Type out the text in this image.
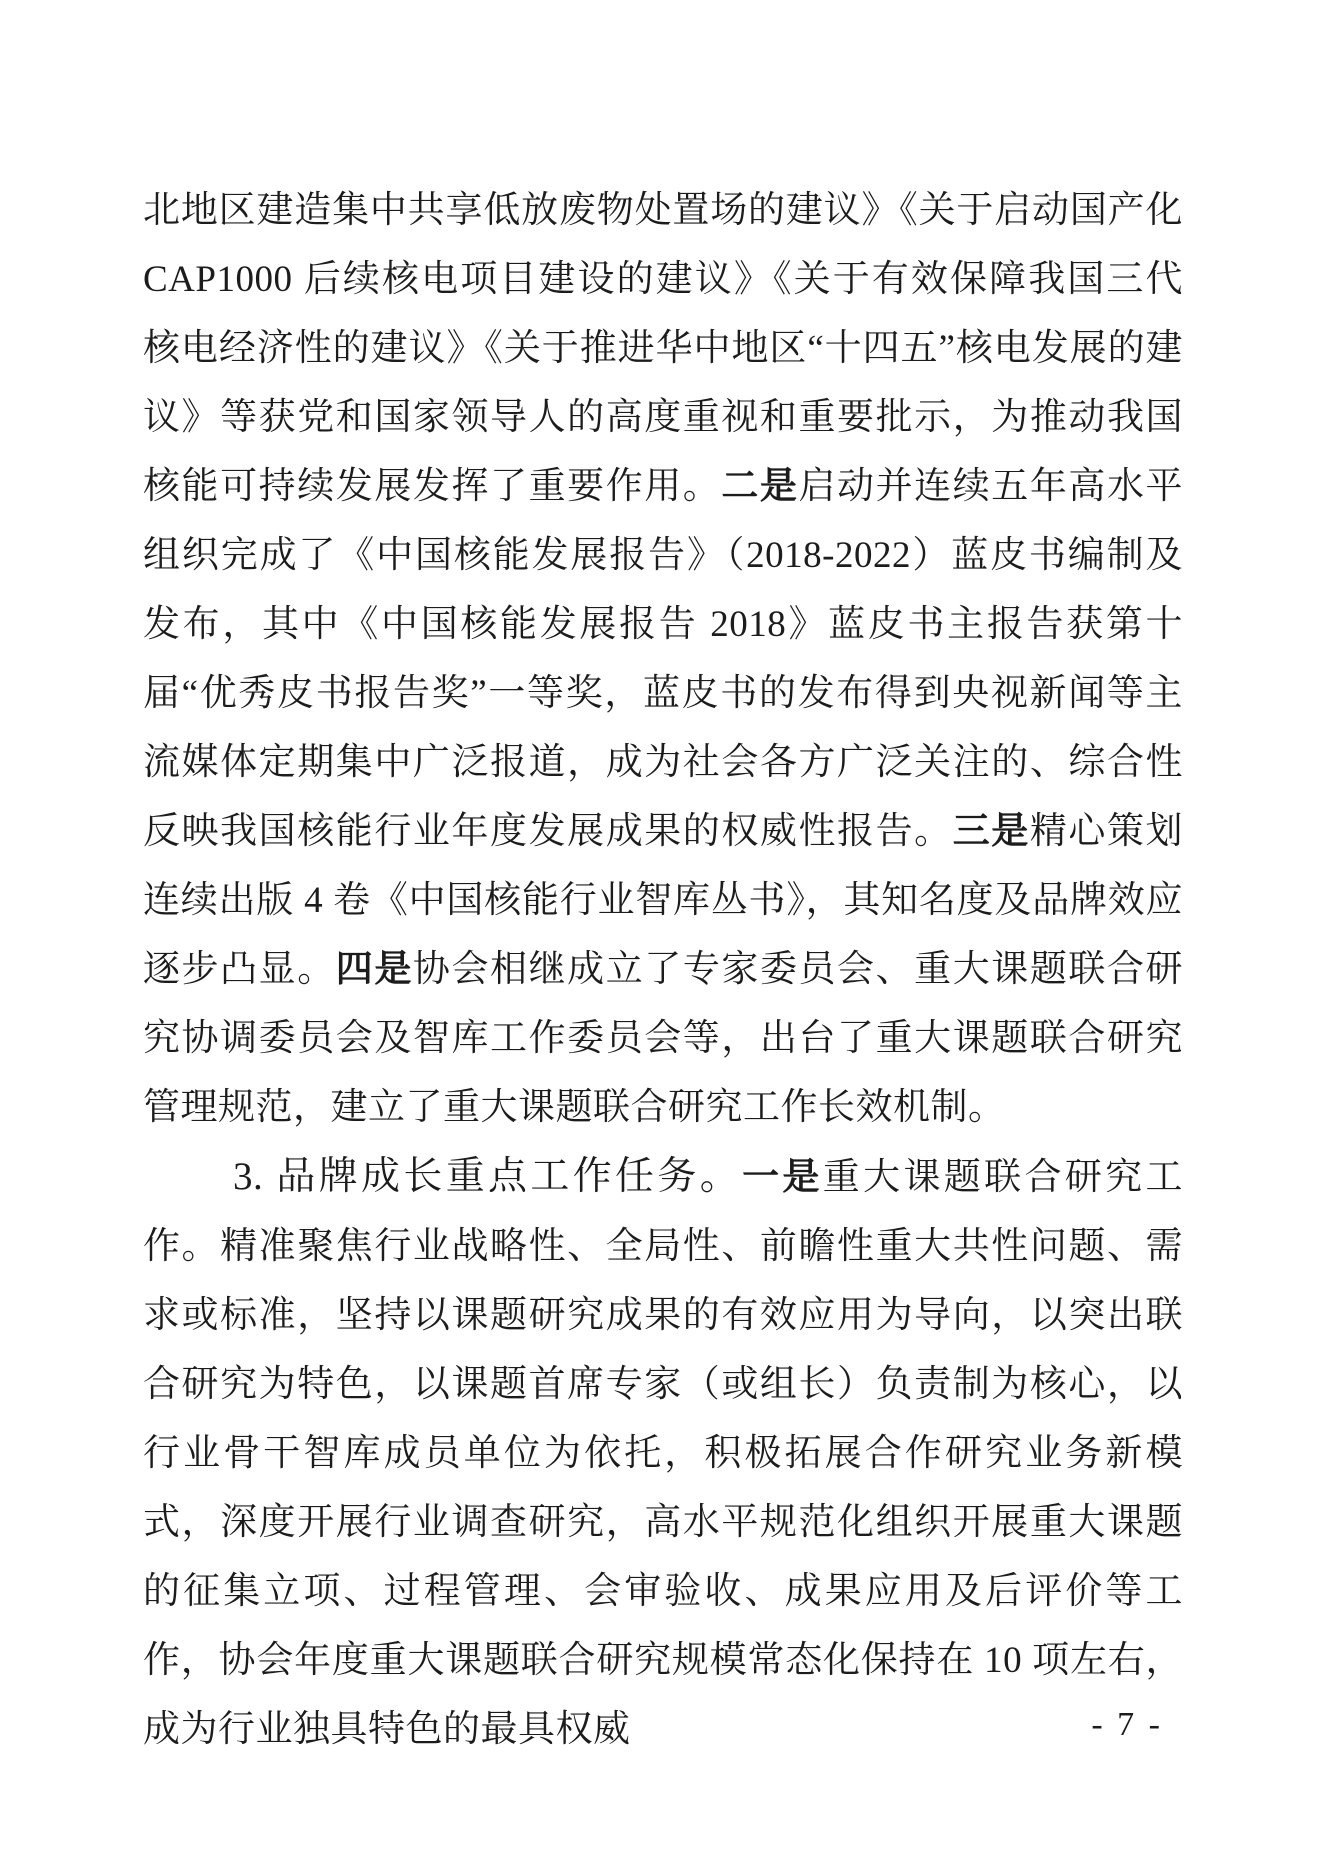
北地区建造集中共享低放废物处置场的建议》《关于启动国产化CAP1000 后续核电项目建设的建议》《关于有效保障我国三代核电经济性的建议》《关于推进华中地区“十四五”核电发展的建议》等获党和国家领导人的高度重视和重要批示，为推动我国核能可持续发展发挥了重要作用。二是启动并连续五年高水平组织完成了《中国核能发展报告》（2018-2022）蓝皮书编制及发布，其中《中国核能发展报告 2018》蓝皮书主报告获第十届“优秀皮书报告奖”一等奖，蓝皮书的发布得到央视新闻等主流媒体定期集中广泛报道，成为社会各方广泛关注的、综合性反映我国核能行业年度发展成果的权威性报告。三是精心策划连续出版 4 卷《中国核能行业智库丛书》，其知名度及品牌效应逐步凸显。四是协会相继成立了专家委员会、重大课题联合研究协调委员会及智库工作委员会等，出台了重大课题联合研究管理规范，建立了重大课题联合研究工作长效机制。

3. 品牌成长重点工作任务。一是重大课题联合研究工作。精准聚焦行业战略性、全局性、前瞻性重大共性问题、需求或标准，坚持以课题研究成果的有效应用为导向，以突出联合研究为特色，以课题首席专家（或组长）负责制为核心，以行业骨干智库成员单位为依托，积极拓展合作研究业务新模式，深度开展行业调查研究，高水平规范化组织开展重大课题的征集立项、过程管理、会审验收、成果应用及后评价等工作，协会年度重大课题联合研究规模常态化保持在 10 项左右，成为行业独具特色的最具权威	- 7 -
